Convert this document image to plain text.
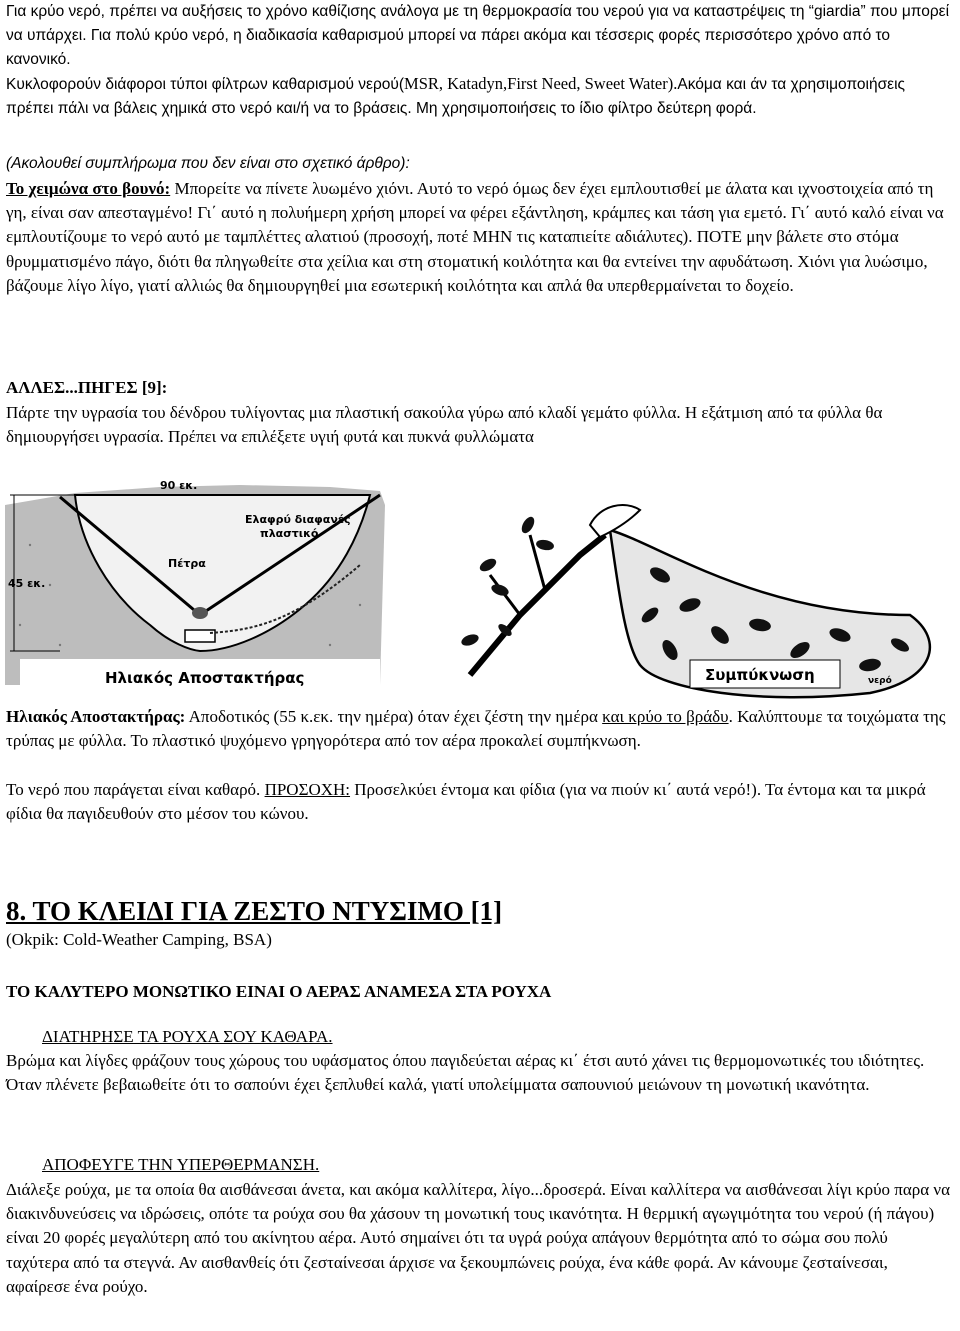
Για κρύο νερό, πρέπει να αυξήσεις το χρόνο καθίζισης ανάλογα με τη θερμοκρασία του νερού για να καταστρέψεις τη “giardia” που μπορεί να υπάρχει. Για πολύ κρύο νερό, η διαδικασία καθαρισμού μπορεί να πάρει ακόμα και τέσσερις φορές περισσότερο χρόνο από το κανονικό.

Κυκλοφορούν διάφοροι τύποι φίλτρων καθαρισμού νερού(MSR, Katadyn,First Need, Sweet Water).Ακόμα και άν τα χρησιμοποιήσεις πρέπει πάλι να βάλεις χημικά στο νερό και/ή να το βράσεις. Μη χρησιμοποιήσεις το ίδιο φίλτρο δεύτερη φορά.

(Ακολουθεί συμπλήρωμα που δεν είναι στο σχετικό άρθρο):

Το χειμώνα στο βουνό: Μπορείτε να πίνετε λυωμένο χιόνι. Αυτό το νερό όμως δεν έχει εμπλουτισθεί με άλατα και ιχνοστοιχεία από τη γη, είναι σαν απεσταγμένο! Γι΄ αυτό η πολυήμερη χρήση μπορεί να φέρει εξάντληση, κράμπες και τάση για εμετό. Γι΄ αυτό καλό είναι να εμπλουτίζουμε το νερό αυτό με ταμπλέττες αλατιού (προσοχή, ποτέ ΜΗΝ τις καταπιείτε αδιάλυτες). ΠΟΤΕ μην βάλετε στο στόμα θρυμματισμένο πάγο, διότι θα πληγωθείτε στα χείλια και στη στοματική κοιλότητα και θα εντείνει την αφυδάτωση. Χιόνι για λυώσιμο, βάζουμε λίγο λίγο, γιατί αλλιώς θα δημιουργηθεί μια εσωτερική κοιλότητα και απλά θα υπερθερμαίνεται το δοχείο.

ΑΛΛΕΣ...ΠΗΓΕΣ [9]:

Πάρτε την υγρασία του δένδρου τυλίγοντας μια πλαστική σακούλα γύρω από κλαδί γεμάτο φύλλα. Η εξάτμιση από τα φύλλα θα δημιουργήσει υγρασία. Πρέπει να επιλέξετε υγιή φυτά και πυκνά φυλλώματα

90 εκ.
45 εκ.
Ελαφρύ διαφανές
πλαστικό
Πέτρα
Ηλιακός Αποστακτήρας	Συμπύκνωση	νερό

Ηλιακός Αποστακτήρας: Αποδοτικός (55 κ.εκ. την ημέρα) όταν έχει ζέστη την ημέρα και κρύο το βράδυ. Καλύπτουμε τα τοιχώματα της τρύπας με φύλλα. Το πλαστικό ψυχόμενο γρηγορότερα από τον αέρα προκαλεί συμπήκνωση.

Το νερό που παράγεται είναι καθαρό. ΠΡΟΣΟΧΗ: Προσελκύει έντομα και φίδια (για να πιούν κι΄ αυτά νερό!). Τα έντομα και τα μικρά φίδια θα παγιδευθούν στο μέσον του κώνου.

8. ΤΟ ΚΛΕΙΔΙ ΓΙΑ ΖΕΣΤΟ ΝΤΥΣΙΜΟ [1]

(Okpik: Cold-Weather Camping, BSA)

ΤΟ ΚΑΛΥΤΕΡΟ ΜΟΝΩΤΙΚΟ ΕΙΝΑΙ Ο ΑΕΡΑΣ ΑΝΑΜΕΣΑ ΣΤΑ ΡΟΥΧΑ

ΔΙΑΤΗΡΗΣΕ ΤΑ ΡΟΥΧΑ ΣΟΥ ΚΑΘΑΡΑ.

Βρώμα και λίγδες φράζουν τους χώρους του υφάσματος όπου παγιδεύεται αέρας κι΄ έτσι αυτό χάνει τις θερμομονωτικές του ιδιότητες. Όταν πλένετε βεβαιωθείτε ότι το σαπούνι έχει ξεπλυθεί καλά, γιατί υπολείμματα σαπουνιού μειώνουν τη μονωτική ικανότητα.

ΑΠΟΦΕΥΓΕ ΤΗΝ ΥΠΕΡΘΕΡΜΑΝΣΗ.

Διάλεξε ρούχα, με τα οποία θα αισθάνεσαι άνετα, και ακόμα καλλίτερα, λίγο...δροσερά. Είναι καλλίτερα να αισθάνεσαι λίγι κρύο παρα να διακινδυνεύσεις να ιδρώσεις, οπότε τα ρούχα σου θα χάσουν τη μονωτική τους ικανότητα. Η θερμική αγωγιμότητα του νερού (ή πάγου) είναι 20 φορές μεγαλύτερη από του ακίνητου αέρα. Αυτό σημαίνει ότι τα υγρά ρούχα απάγουν θερμότητα από το σώμα σου πολύ ταχύτερα από τα στεγνά. Αν αισθανθείς ότι ζεσταίνεσαι άρχισε να ξεκουμπώνεις ρούχα, ένα κάθε φορά. Αν κάνουμε ζεσταίνεσαι, αφαίρεσε ένα ρούχο.
